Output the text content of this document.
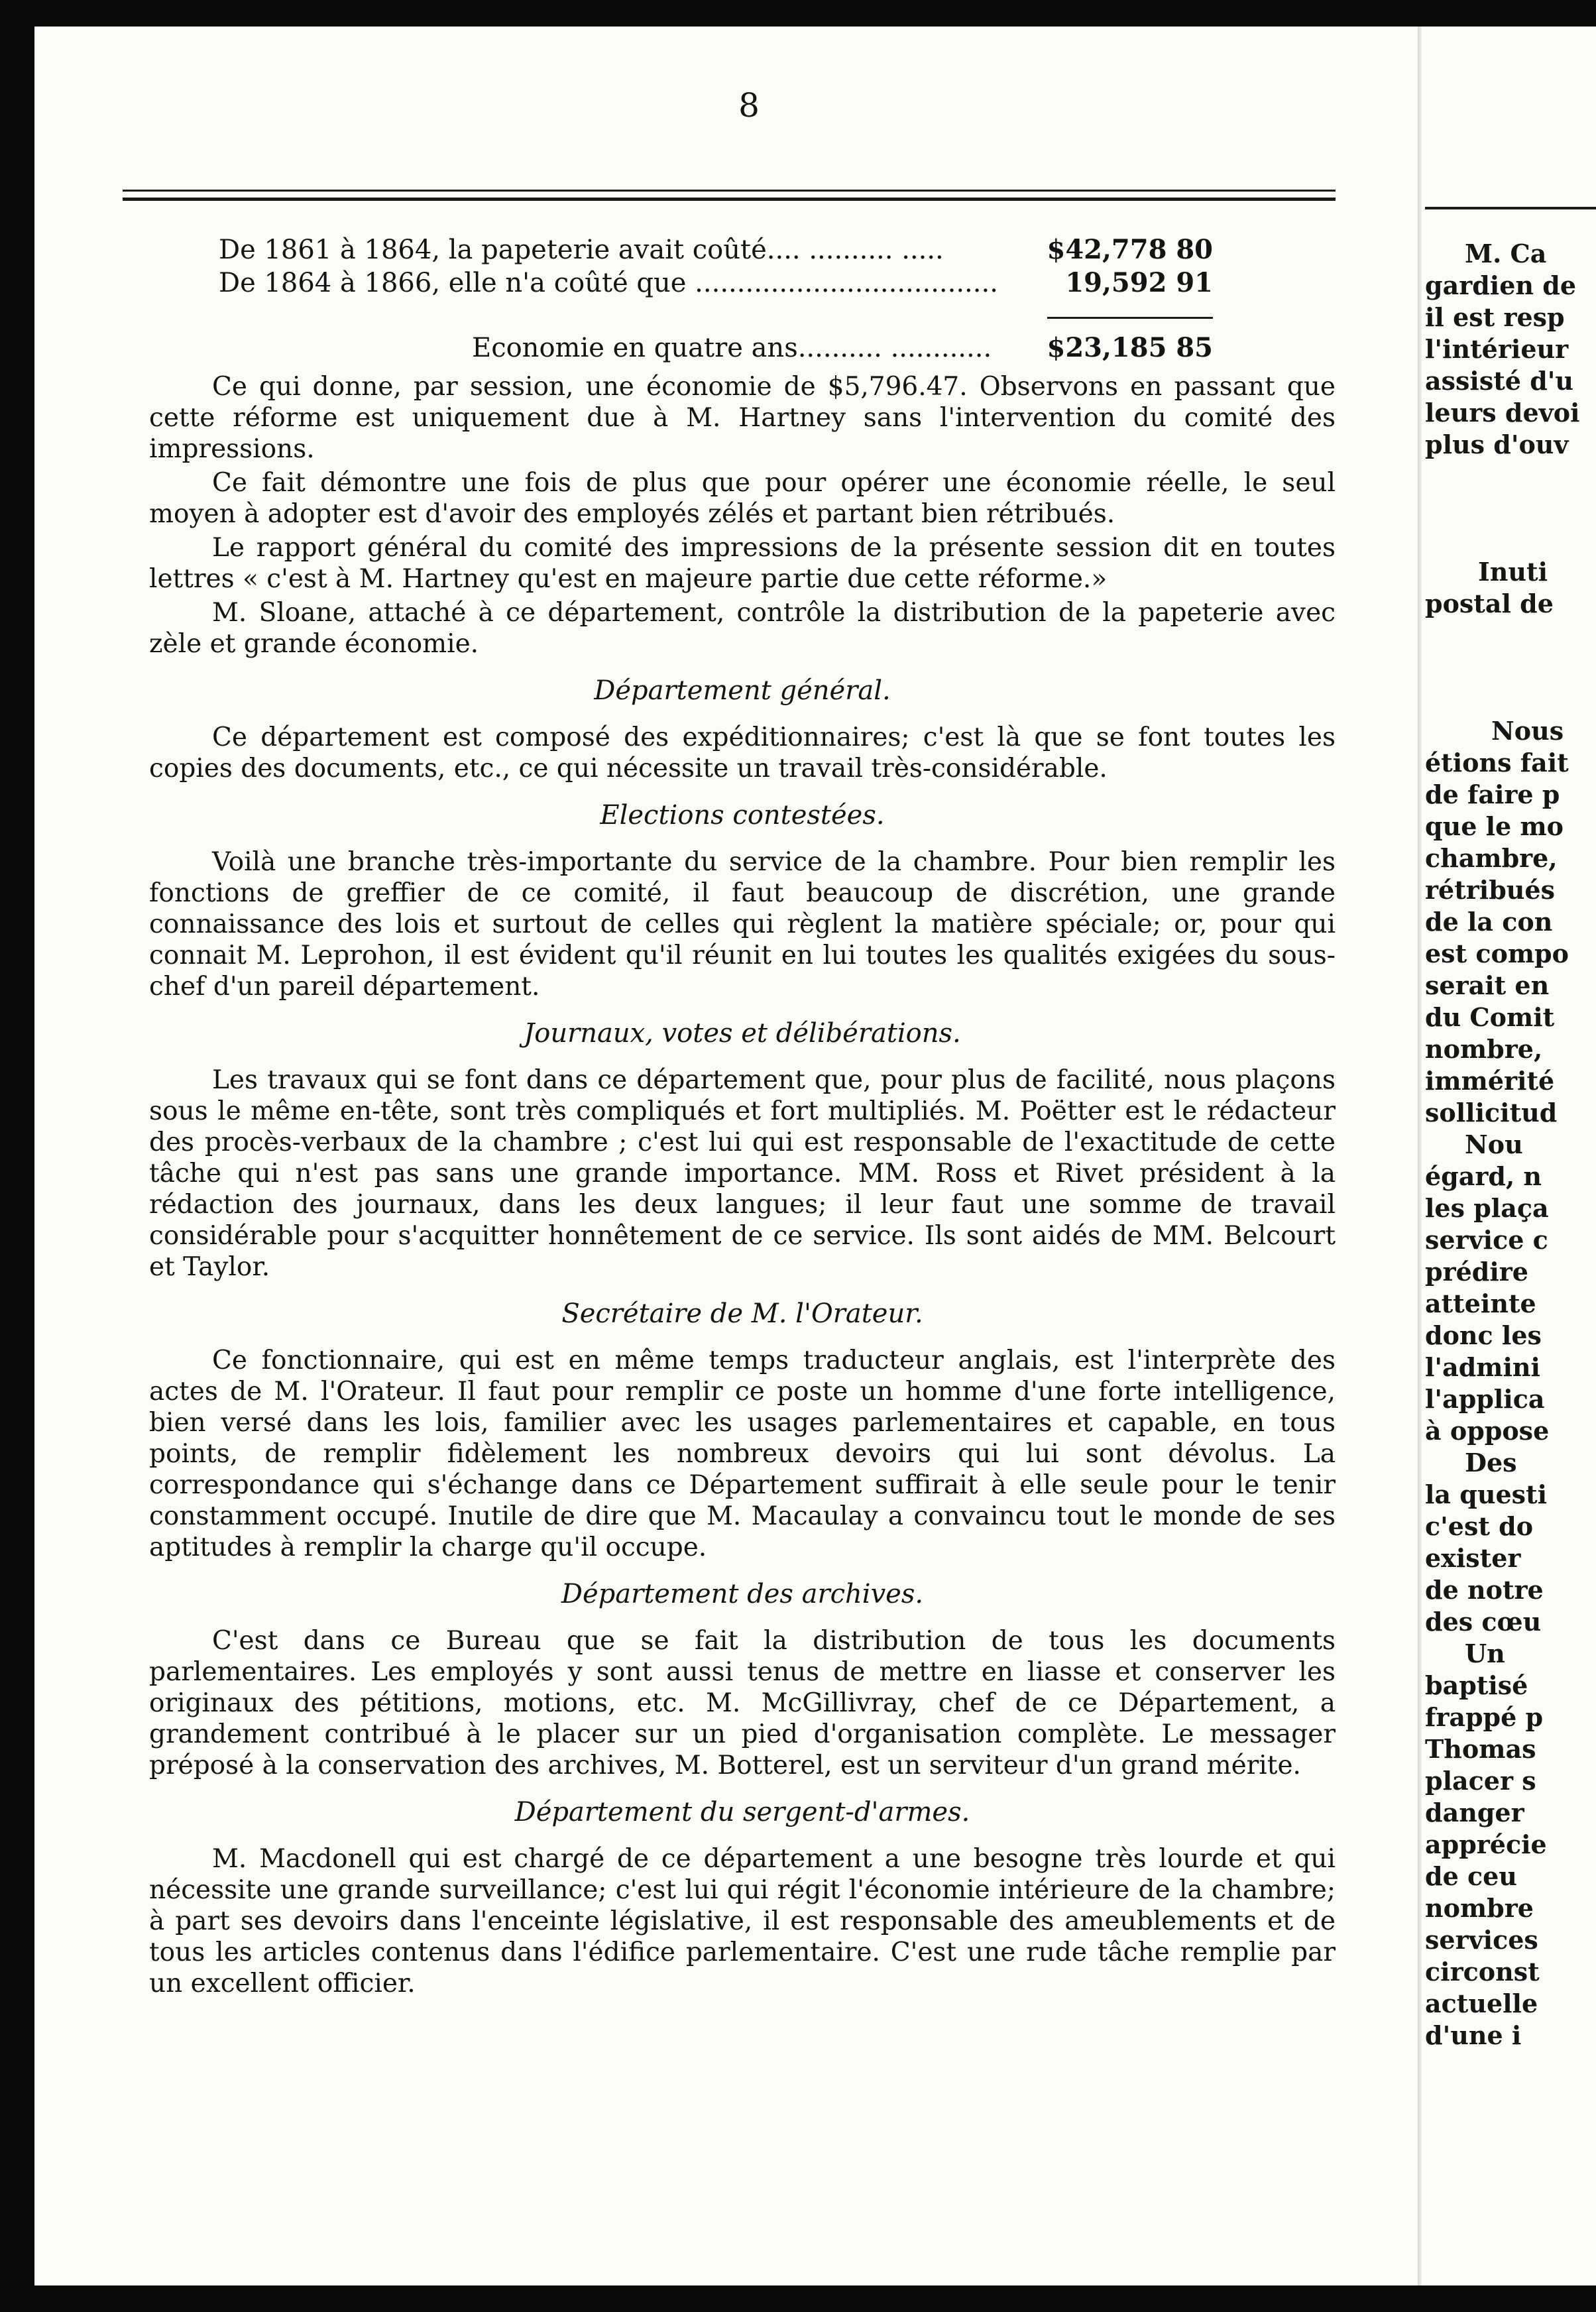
8
De 1861 à 1864, la papeterie avait coûté.... .......... .....	$42,778 80
De 1864 à 1866, elle n'a coûté que ....................................	19,592 91
Economie en quatre ans.......... ............ $23,185 85

Ce qui donne, par session, une économie de $5,796.47. Observons en passant que cette réforme est uniquement due à M. Hartney sans l'intervention du comité des impressions.

Ce fait démontre une fois de plus que pour opérer une économie réelle, le seul moyen à adopter est d'avoir des employés zélés et partant bien rétribués.

Le rapport général du comité des impressions de la présente session dit en toutes lettres « c'est à M. Hartney qu'est en majeure partie due cette réforme.»

M. Sloane, attaché à ce département, contrôle la distribution de la papeterie avec zèle et grande économie.

Département général.

Ce département est composé des expéditionnaires; c'est là que se font toutes les copies des documents, etc., ce qui nécessite un travail très-considérable.

Elections contestées.

Voilà une branche très-importante du service de la chambre. Pour bien remplir les fonctions de greffier de ce comité, il faut beaucoup de discrétion, une grande connaissance des lois et surtout de celles qui règlent la matière spéciale; or, pour qui connait M. Leprohon, il est évident qu'il réunit en lui toutes les qualités exigées du sous-chef d'un pareil département.

Journaux, votes et délibérations.

Les travaux qui se font dans ce département que, pour plus de facilité, nous plaçons sous le même en-tête, sont très compliqués et fort multipliés. M. Poëtter est le rédacteur des procès-verbaux de la chambre ; c'est lui qui est responsable de l'exactitude de cette tâche qui n'est pas sans une grande importance. MM. Ross et Rivet président à la rédaction des journaux, dans les deux langues; il leur faut une somme de travail considérable pour s'acquitter honnêtement de ce service. Ils sont aidés de MM. Belcourt et Taylor.

Secrétaire de M. l'Orateur.

Ce fonctionnaire, qui est en même temps traducteur anglais, est l'interprète des actes de M. l'Orateur. Il faut pour remplir ce poste un homme d'une forte intelligence, bien versé dans les lois, familier avec les usages parlementaires et capable, en tous points, de remplir fidèlement les nombreux devoirs qui lui sont dévolus. La correspondance qui s'échange dans ce Département suffirait à elle seule pour le tenir constamment occupé. Inutile de dire que M. Macaulay a convaincu tout le monde de ses aptitudes à remplir la charge qu'il occupe.

Département des archives.

C'est dans ce Bureau que se fait la distribution de tous les documents parlementaires. Les employés y sont aussi tenus de mettre en liasse et conserver les originaux des pétitions, motions, etc. M. McGillivray, chef de ce Département, a grandement contribué à le placer sur un pied d'organisation complète. Le messager préposé à la conservation des archives, M. Botterel, est un serviteur d'un grand mérite.

Département du sergent-d'armes.

M. Macdonell qui est chargé de ce département a une besogne très lourde et qui nécessite une grande surveillance; c'est lui qui régit l'économie intérieure de la chambre; à part ses devoirs dans l'enceinte législative, il est responsable des ameublements et de tous les articles contenus dans l'édifice parlementaire. C'est une rude tâche remplie par un excellent officier.

M. Ca
gardien de
il est resp
l'intérieur
assisté d'u
leurs devoi
plus d'ouv
Inuti
postal de
Nous
étions fait
de faire p
que le mo
chambre,
rétribués
de la con
est compo
serait en
du Comit
nombre,
immérité
sollicitud
Nou
égard, n
les plaça
service c
prédire
atteinte
donc les
l'admini
l'applica
à oppose
Des
la questi
c'est do
exister
de notre
des cœu
Un
baptisé
frappé p
Thomas
placer s
danger
apprécie
de ceu
nombre
services
circonst
actuelle
d'une i
